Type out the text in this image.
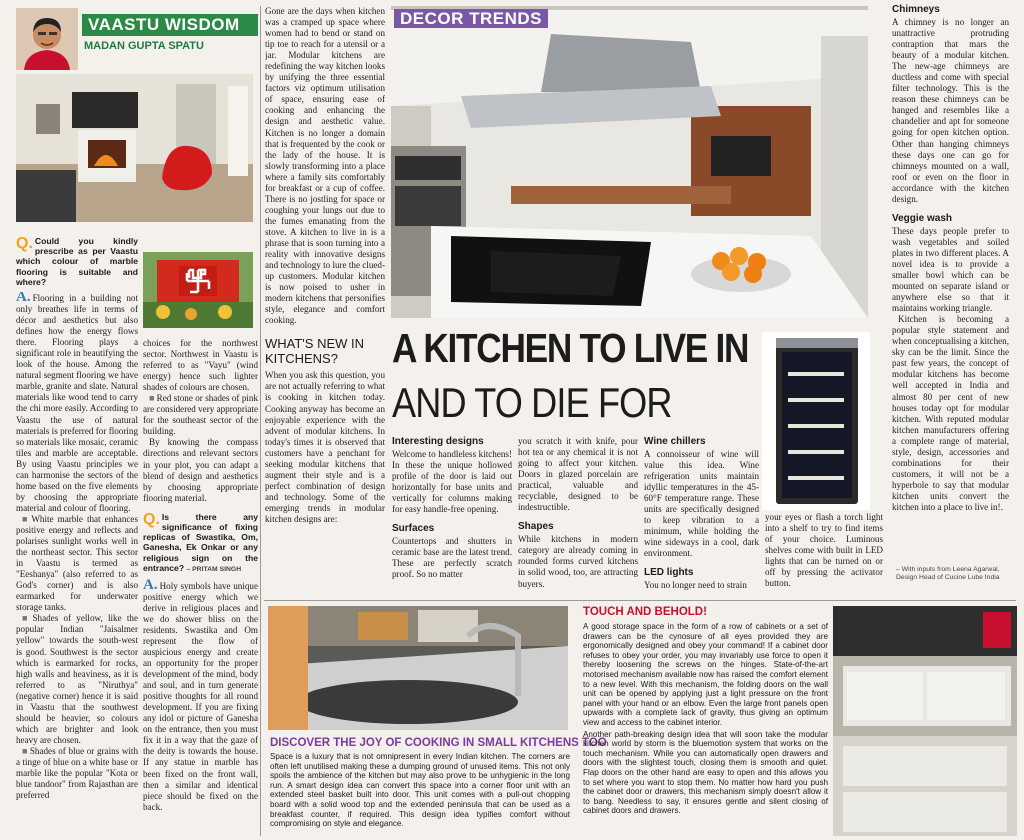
VAASTU WISDOM
MADAN GUPTA SPATU
Q. Could you kindly prescribe as per Vaastu which colour of marble flooring is suitable and where?

A. Flooring in a building not only breathes life in terms of décor and aesthetics but also defines how the energy flows there. Flooring plays a significant role in beautifying the look of the house. Among the natural segment flooring we have marble, granite and slate. Natural materials like wood tend to carry the chi more easily. According to Vaastu the use of natural materials is preferred for flooring so materials like mosaic, ceramic tiles and marble are acceptable. By using Vaastu principles we can harmonise the sectors of the home based on the five elements by choosing the appropriate material and colour of flooring.

■ White marble that enhances positive energy and reflects and polarises sunlight works well in the northeast sector. This sector in Vaastu is termed as "Eeshanya" (also referred to as God's corner) and is also earmarked for underwater storage tanks.

■ Shades of yellow, like the popular Indian "Jaisalmer yellow" towards the south-west is good. Southwest is the sector which is earmarked for rocks, high walls and heaviness, as it is referred to as "Niruthya" (negative corner) hence it is said in Vaastu that the southwest should be heavier, so colours which are brighter and look heavy are chosen.

■ Shades of blue or grains with a tinge of blue on a white base or marble like the popular "Kota or blue tandoor" from Rajasthan are preferred

choices for the northwest sector. Northwest in Vaastu is referred to as "Vayu" (wind energy) hence such lighter shades of colours are chosen.

■ Red stone or shades of pink are considered very appropriate for the southeast sector of the building.

By knowing the compass directions and relevant sectors in your plot, you can adapt a blend of design and aesthetics by choosing appropriate flooring material.

Q. Is there any significance of fixing replicas of Swastika, Om, Ganesha, Ek Onkar or any religious sign on the entrance? – PRITAM SINGH

A. Holy symbols have unique positive energy which we derive in religious places and we do shower bliss on the residents. Swastika and Om represent the flow of auspicious energy and create an opportunity for the proper development of the mind, body and soul, and in turn generate positive thoughts for all round development. If you are fixing any idol or picture of Ganesha on the entrance, then you must fix it in a way that the gaze of the deity is towards the house. If any statue in marble has been fixed on the front wall, then a similar and identical piece should be fixed on the back.

Gone are the days when kitchen was a cramped up space where women had to bend or stand on tip toe to reach for a utensil or a jar. Modular kitchens are redefining the way kitchen looks by unifying the three essential factors viz optimum utilisation of space, ensuring ease of cooking and enhancing the design and aesthetic value. Kitchen is no longer a domain that is frequented by the cook or the lady of the house. It is slowly transforming into a place where a family sits comfortably for breakfast or a cup of coffee. There is no jostling for space or coughing your lungs out due to the fumes emanating from the stove. A kitchen to live in is a phrase that is soon turning into a reality with innovative designs and technology to lure the clued-up customers. Modular kitchen is now poised to usher in modern kitchens that personifies style, elegance and comfort cooking.

WHAT'S NEW IN KITCHENS?

When you ask this question, you are not actually referring to what is cooking in kitchen today. Cooking anyway has become an enjoyable experience with the advent of modular kitchens. In today's times it is observed that customers have a penchant for seeking modular kitchens that augment their style and is a perfect combination of design and technology. Some of the emerging trends in modular kitchen designs are:

DECOR TRENDS
A KITCHEN TO LIVE IN
AND TO DIE FOR
Interesting designs

Welcome to handleless kitchens! In these the unique hollowed profile of the door is laid out horizontally for base units and vertically for columns making for easy handle-free opening.

Surfaces

Countertops and shutters in ceramic base are the latest trend. These are perfectly scratch proof. So no matter

you scratch it with knife, pour hot tea or any chemical it is not going to affect your kitchen. Doors in glazed porcelain are practical, valuable and recyclable, designed to be indestructible.

Shapes

While kitchens in modern category are already coming in rounded forms curved kitchens in solid wood, too, are attracting buyers.

Wine chillers

A connoisseur of wine will value this idea. Wine refrigeration units maintain idyllic temperatures in the 45-60°F temperature range. These units are specifically designed to keep vibration to a minimum, while holding the wine sideways in a cool, dark environment.

LED lights

You no longer need to strain

your eyes or flash a torch light into a shelf to try to find items of your choice. Luminous shelves come with built in LED lights that can be turned on or off by pressing the activator button.

Chimneys

A chimney is no longer an unattractive protruding contraption that mars the beauty of a modular kitchen. The new-age chimneys are ductless and come with special filter technology. This is the reason these chimneys can be hanged and resembles like a chandelier and apt for someone going for open kitchen option. Other than hanging chimneys these days one can go for chimneys mounted on a wall, roof or even on the floor in accordance with the kitchen design.

Veggie wash

These days people prefer to wash vegetables and soiled plates in two different places. A novel idea is to provide a smaller bowl which can be mounted on separate island or anywhere else so that it maintains working triangle.

Kitchen is becoming a popular style statement and when conceptualising a kitchen, sky can be the limit. Since the past few years, the concept of modular kitchens has become well accepted in India and almost 80 per cent of new houses today opt for modular kitchen. With reputed modular kitchen manufacturers offering a complete range of material, style, design, accessories and combinations for their customers, it will not be a hyperbole to say that modular kitchen units convert the kitchen into a place to live in!.

– With inputs from Leena Agarwal,
Design Head of Cucine Lube India
DISCOVER THE JOY OF COOKING IN SMALL KITCHENS TOO

Space is a luxury that is not omnipresent in every Indian kitchen. The corners are often left unutilised making these a dumping ground of unused items. This not only spoils the ambience of the kitchen but may also prove to be unhygienic in the long run. A smart design idea can convert this space into a corner floor unit with an extended steel basket built into door. This unit comes with a pull-out chopping board with a solid wood top and the extended peninsula that can be used as a breakfast counter, if required. This design idea typifies comfort without compromising on style and elegance.

TOUCH AND BEHOLD!

A good storage space in the form of a row of cabinets or a set of drawers can be the cynosure of all eyes provided they are ergonomically designed and obey your command! If a cabinet door refuses to obey your order, you may invariably use force to open it thereby loosening the screws on the hinges. State-of-the-art motorised mechanism available now has raised the comfort element to a new level. With this mechanism, the folding doors on the wall unit can be opened by applying just a light pressure on the front panel with your hand or an elbow. Even the large front panels open upwards with a complete lack of gravity, thus giving an optimum view and access to the cabinet interior.

Another path-breaking design idea that will soon take the modular kitchen world by storm is the bluemotion system that works on the touch mechanism. While you can automatically open drawers and doors with the slightest touch, closing them is smooth and quiet. Flap doors on the other hand are easy to open and this allows you to set where you want to stop them. No matter how hard you push the cabinet door or drawers, this mechanism simply doesn't allow it to bang. Needless to say, it ensures gentle and silent closing of cabinet doors and drawers.
